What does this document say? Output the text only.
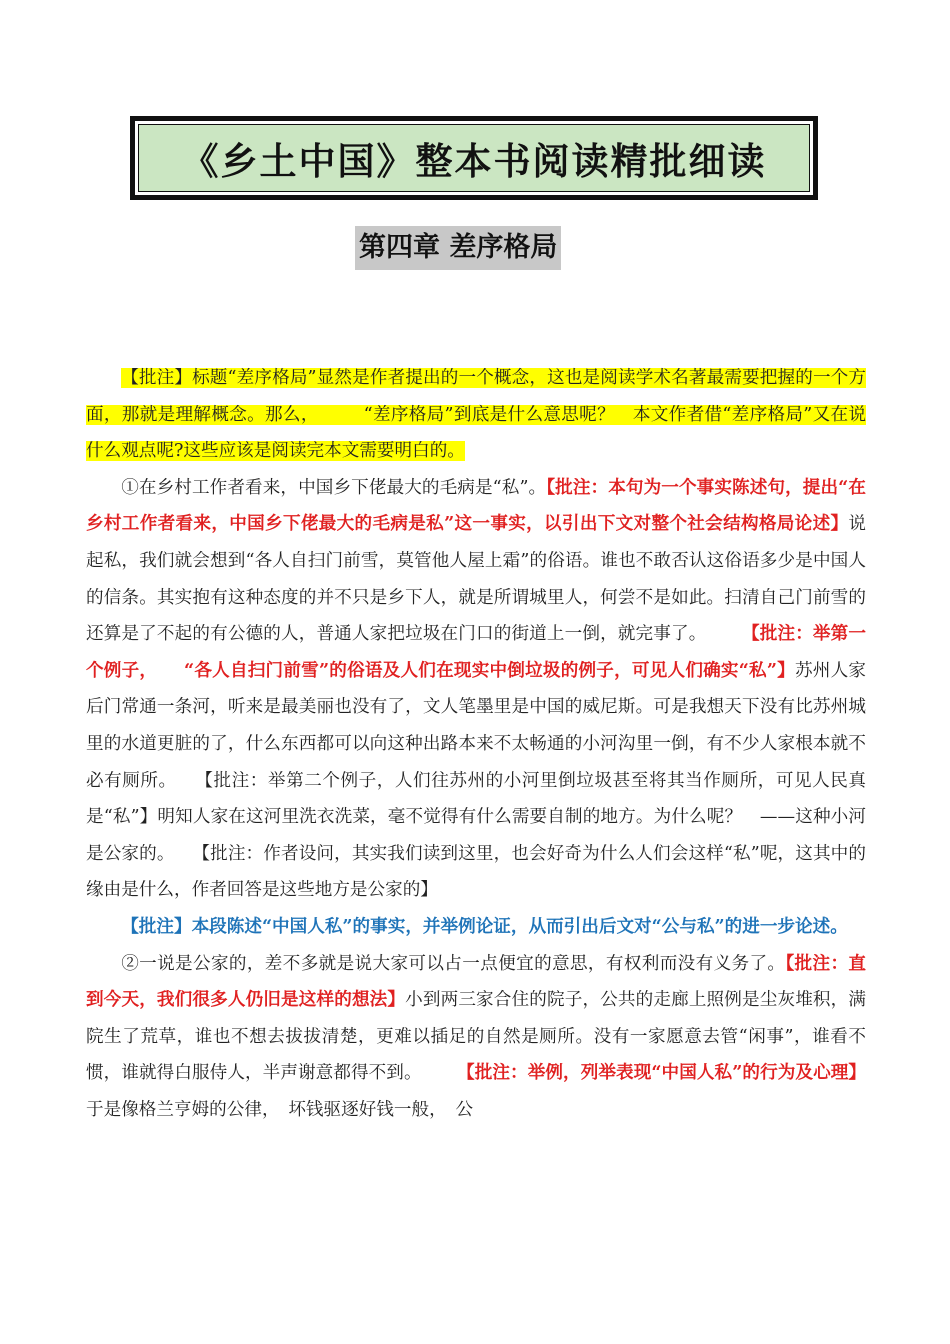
《乡土中国》整本书阅读精批细读
第四章 差序格局

【批注】标题“差序格局”显然是作者提出的一个概念，这也是阅读学术名著最需要把握的一个方面，那就是理解概念。那么，　　　“差序格局”到底是什么意思呢？　本文作者借“差序格局”又在说什么观点呢?这些应该是阅读完本文需要明白的。

①在乡村工作者看来，中国乡下佬最大的毛病是“私”。【批注：本句为一个事实陈述句，提出“在乡村工作者看来，中国乡下佬最大的毛病是私”这一事实，以引出下文对整个社会结构格局论述】说起私，我们就会想到“各人自扫门前雪，莫管他人屋上霜”的俗语。谁也不敢否认这俗语多少是中国人的信条。其实抱有这种态度的并不只是乡下人，就是所谓城里人，何尝不是如此。扫清自己门前雪的还算是了不起的有公德的人，普通人家把垃圾在门口的街道上一倒，就完事了。　　　【批注：举第一个例子，　　“各人自扫门前雪”的俗语及人们在现实中倒垃圾的例子，可见人们确实“私”】苏州人家后门常通一条河，听来是最美丽也没有了，文人笔墨里是中国的威尼斯。可是我想天下没有比苏州城里的水道更脏的了，什么东西都可以向这种出路本来不太畅通的小河沟里一倒，有不少人家根本就不必有厕所。　　【批注：举第二个例子，人们往苏州的小河里倒垃圾甚至将其当作厕所，可见人民真是“私”】明知人家在这河里洗衣洗菜，毫不觉得有什么需要自制的地方。为什么呢？　——这种小河是公家的。　　【批注：作者设问，其实我们读到这里，也会好奇为什么人们会这样“私”呢，这其中的缘由是什么，作者回答是这些地方是公家的】

【批注】本段陈述“中国人私”的事实，并举例论证，从而引出后文对“公与私”的进一步论述。

②一说是公家的，差不多就是说大家可以占一点便宜的意思，有权利而没有义务了。【批注：直到今天，我们很多人仍旧是这样的想法】小到两三家合住的院子，公共的走廊上照例是尘灰堆积，满院生了荒草，谁也不想去拔拔清楚，更难以插足的自然是厕所。没有一家愿意去管“闲事”，谁看不惯，谁就得白服侍人，半声谢意都得不到。　　　【批注：举例，列举表现“中国人私”的行为及心理】于是像格兰亨姆的公律，　坏钱驱逐好钱一般，　公
